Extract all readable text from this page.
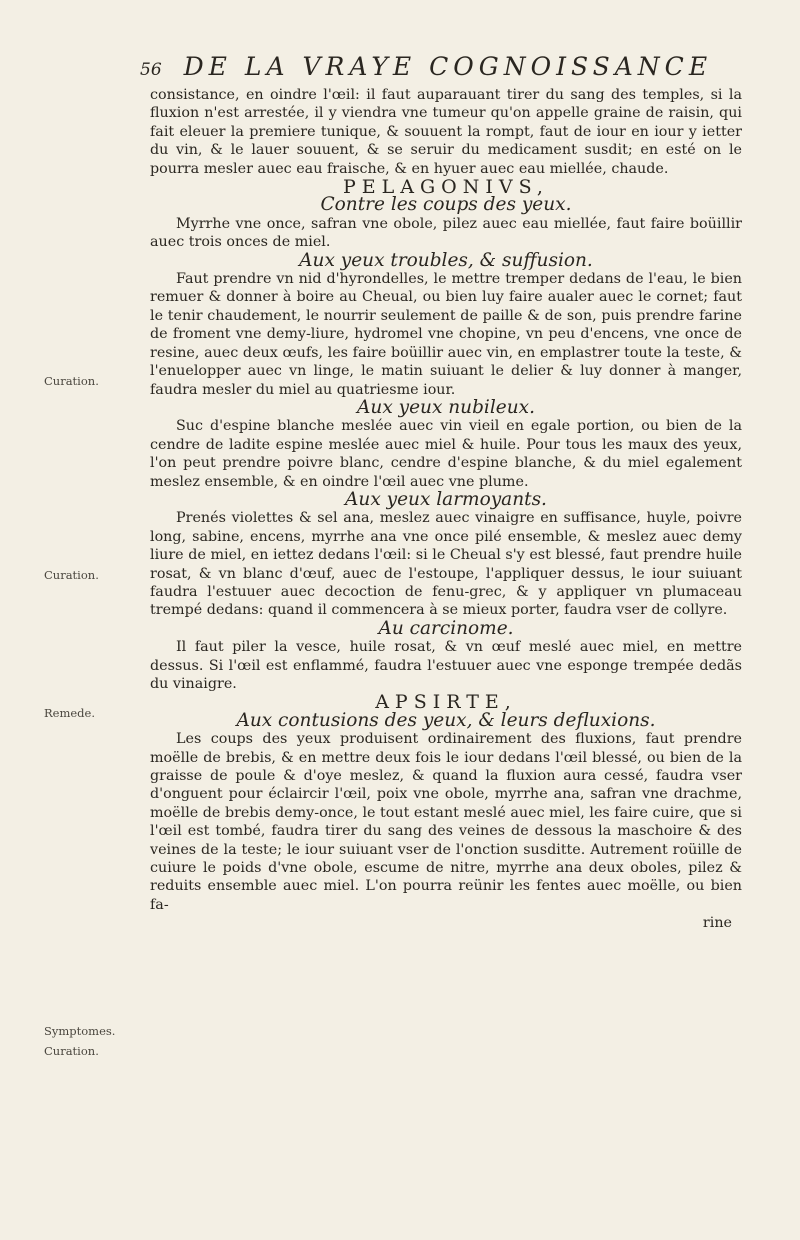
56 DE LA VRAYE COGNOISSANCE
Curation.
Curation.
Remede.
Symptomes.
Curation.

consistance, en oindre l'œil: il faut auparauant tirer du sang des temples, si la fluxion n'est arrestée, il y viendra vne tumeur qu'on appelle graine de raisin, qui fait eleuer la premiere tunique, & souuent la rompt, faut de iour en iour y ietter du vin, & le lauer souuent, & se seruir du medicament susdit; en esté on le pourra mesler auec eau fraische, & en hyuer auec eau miellée, chaude.

PELAGONIVS,

Contre les coups des yeux.

Myrrhe vne once, safran vne obole, pilez auec eau miellée, faut faire boüillir auec trois onces de miel.

Aux yeux troubles, & suffusion.

Faut prendre vn nid d'hyrondelles, le mettre tremper dedans de l'eau, le bien remuer & donner à boire au Cheual, ou bien luy faire aualer auec le cornet; faut le tenir chaudement, le nourrir seulement de paille & de son, puis prendre farine de froment vne demy-liure, hydromel vne chopine, vn peu d'encens, vne once de resine, auec deux œufs, les faire boüillir auec vin, en emplastrer toute la teste, & l'enuelopper auec vn linge, le matin suiuant le delier & luy donner à manger, faudra mesler du miel au quatriesme iour.

Aux yeux nubileux.

Suc d'espine blanche meslée auec vin vieil en egale portion, ou bien de la cendre de ladite espine meslée auec miel & huile. Pour tous les maux des yeux, l'on peut prendre poivre blanc, cendre d'espine blanche, & du miel egalement meslez ensemble, & en oindre l'œil auec vne plume.

Aux yeux larmoyants.

Prenés violettes & sel ana, meslez auec vinaigre en suffisance, huyle, poivre long, sabine, encens, myrrhe ana vne once pilé ensemble, & meslez auec demy liure de miel, en iettez dedans l'œil: si le Cheual s'y est blessé, faut prendre huile rosat, & vn blanc d'œuf, auec de l'estoupe, l'appliquer dessus, le iour suiuant faudra l'estuuer auec decoction de fenu-grec, & y appliquer vn plumaceau trempé dedans: quand il commencera à se mieux porter, faudra vser de collyre.

Au carcinome.

Il faut piler la vesce, huile rosat, & vn œuf meslé auec miel, en mettre dessus. Si l'œil est enflammé, faudra l'estuuer auec vne esponge trempée dedãs du vinaigre.

APSIRTE,

Aux contusions des yeux, & leurs defluxions.

Les coups des yeux produisent ordinairement des fluxions, faut prendre moëlle de brebis, & en mettre deux fois le iour dedans l'œil blessé, ou bien de la graisse de poule & d'oye meslez, & quand la fluxion aura cessé, faudra vser d'onguent pour éclaircir l'œil, poix vne obole, myrrhe ana, safran vne drachme, moëlle de brebis demy-once, le tout estant meslé auec miel, les faire cuire, que si l'œil est tombé, faudra tirer du sang des veines de dessous la maschoire & des veines de la teste; le iour suiuant vser de l'onction susditte. Autrement roüille de cuiure le poids d'vne obole, escume de nitre, myrrhe ana deux oboles, pilez & reduits ensemble auec miel. L'on pourra reünir les fentes auec moëlle, ou bien fa-

rine
